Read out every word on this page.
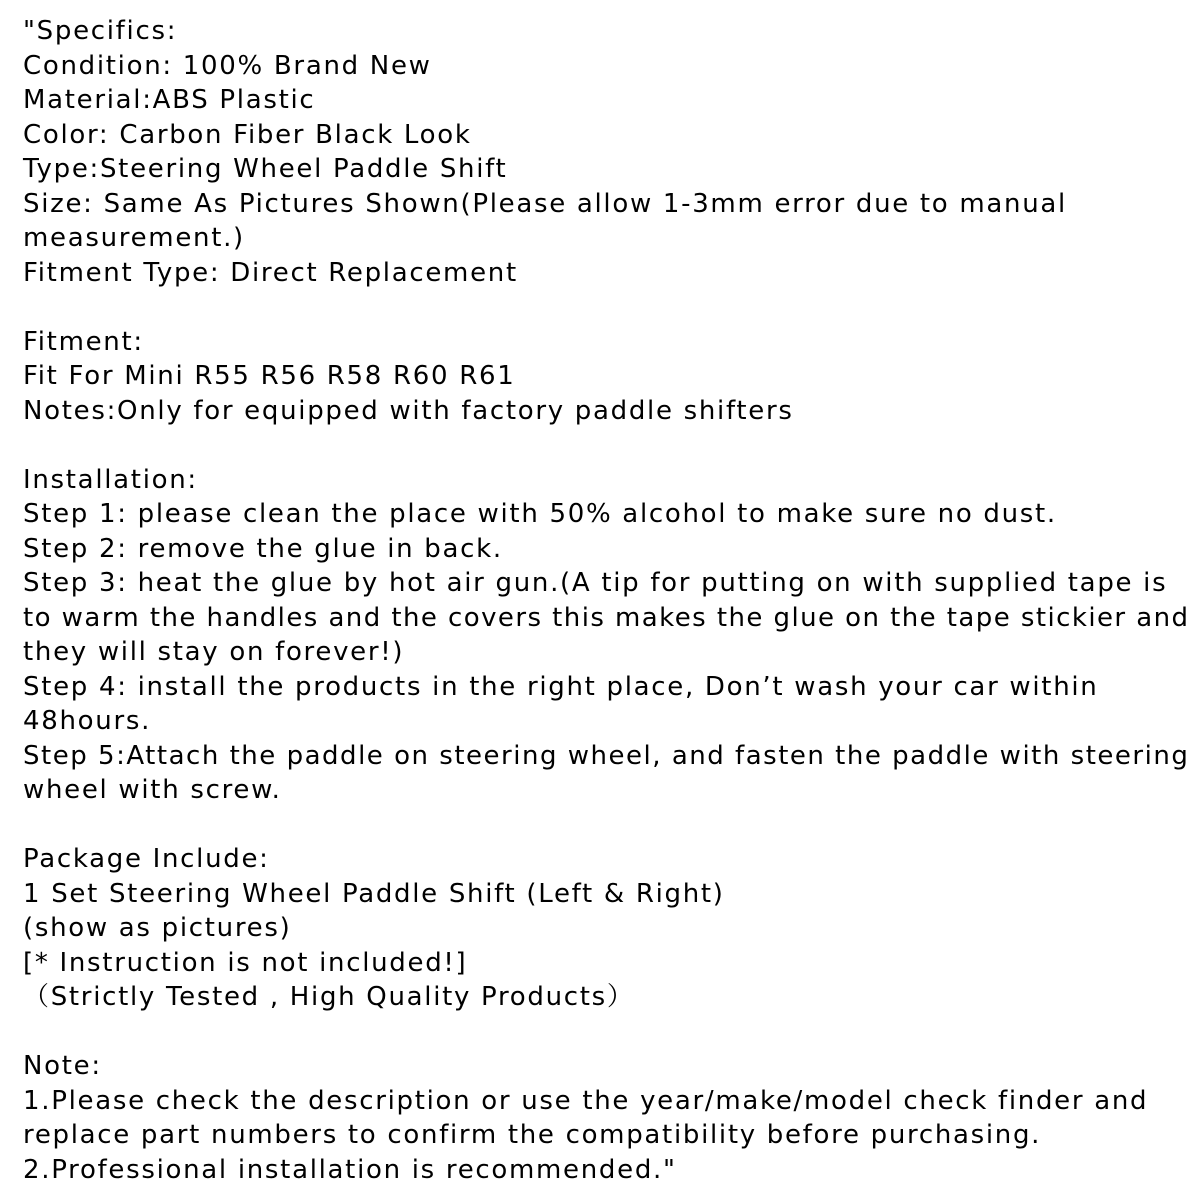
"Specifics:
Condition: 100% Brand New
Material:ABS Plastic
Color: Carbon Fiber Black Look
Type:Steering Wheel Paddle Shift
Size: Same As Pictures Shown(Please allow 1-3mm error due to manual
measurement.)
Fitment Type: Direct Replacement
Fitment:
Fit For Mini R55 R56 R58 R60 R61
Notes:Only for equipped with factory paddle shifters
Installation:
Step 1: please clean the place with 50% alcohol to make sure no dust.
Step 2: remove the glue in back.
Step 3: heat the glue by hot air gun.(A tip for putting on with supplied tape is
to warm the handles and the covers this makes the glue on the tape stickier and
they will stay on forever!)
Step 4: install the products in the right place, Don’t wash your car within
48hours.
Step 5:Attach the paddle on steering wheel, and fasten the paddle with steering
wheel with screw.
Package Include:
1 Set Steering Wheel Paddle Shift (Left & Right)
(show as pictures)
[* Instruction is not included!]
（Strictly Tested , High Quality Products）
Note:
1.Please check the description or use the year/make/model check finder and
replace part numbers to confirm the compatibility before purchasing.
2.Professional installation is recommended."
